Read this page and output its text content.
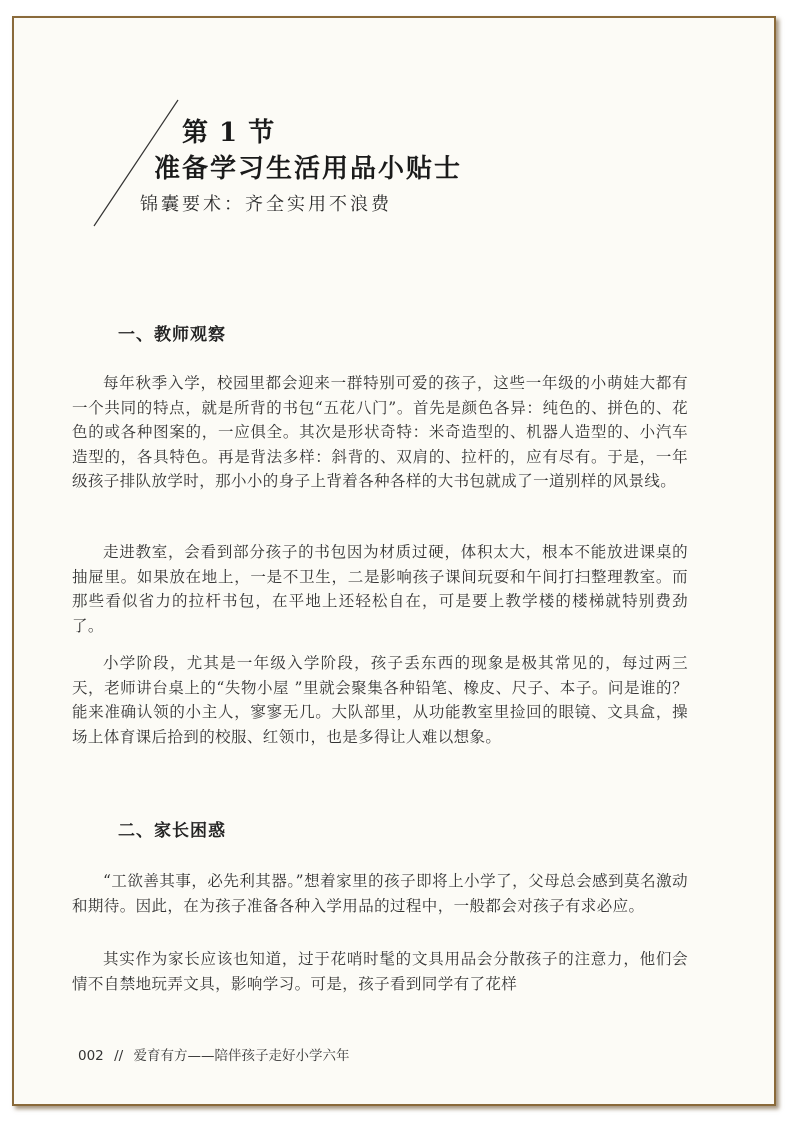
第 1 节
准备学习生活用品小贴士

锦囊要术：齐全实用不浪费

一、教师观察

每年秋季入学，校园里都会迎来一群特别可爱的孩子，这些一年级的小萌娃大都有一个共同的特点，就是所背的书包“五花八门”。首先是颜色各异：纯色的、拼色的、花色的或各种图案的，一应俱全。其次是形状奇特：米奇造型的、机器人造型的、小汽车造型的，各具特色。再是背法多样：斜背的、双肩的、拉杆的，应有尽有。于是，一年级孩子排队放学时，那小小的身子上背着各种各样的大书包就成了一道别样的风景线。

走进教室，会看到部分孩子的书包因为材质过硬，体积太大，根本不能放进课桌的抽屉里。如果放在地上，一是不卫生，二是影响孩子课间玩耍和午间打扫整理教室。而那些看似省力的拉杆书包，在平地上还轻松自在，可是要上教学楼的楼梯就特别费劲了。

小学阶段，尤其是一年级入学阶段，孩子丢东西的现象是极其常见的，每过两三天，老师讲台桌上的“失物小屋 ”里就会聚集各种铅笔、橡皮、尺子、本子。问是谁的？能来准确认领的小主人，寥寥无几。大队部里，从功能教室里捡回的眼镜、文具盒，操场上体育课后拾到的校服、红领巾，也是多得让人难以想象。

二、家长困惑

“工欲善其事，必先利其器。”想着家里的孩子即将上小学了，父母总会感到莫名激动和期待。因此，在为孩子准备各种入学用品的过程中，一般都会对孩子有求必应。

其实作为家长应该也知道，过于花哨时髦的文具用品会分散孩子的注意力，他们会情不自禁地玩弄文具，影响学习。可是，孩子看到同学有了花样

002 // 爱育有方——陪伴孩子走好小学六年
